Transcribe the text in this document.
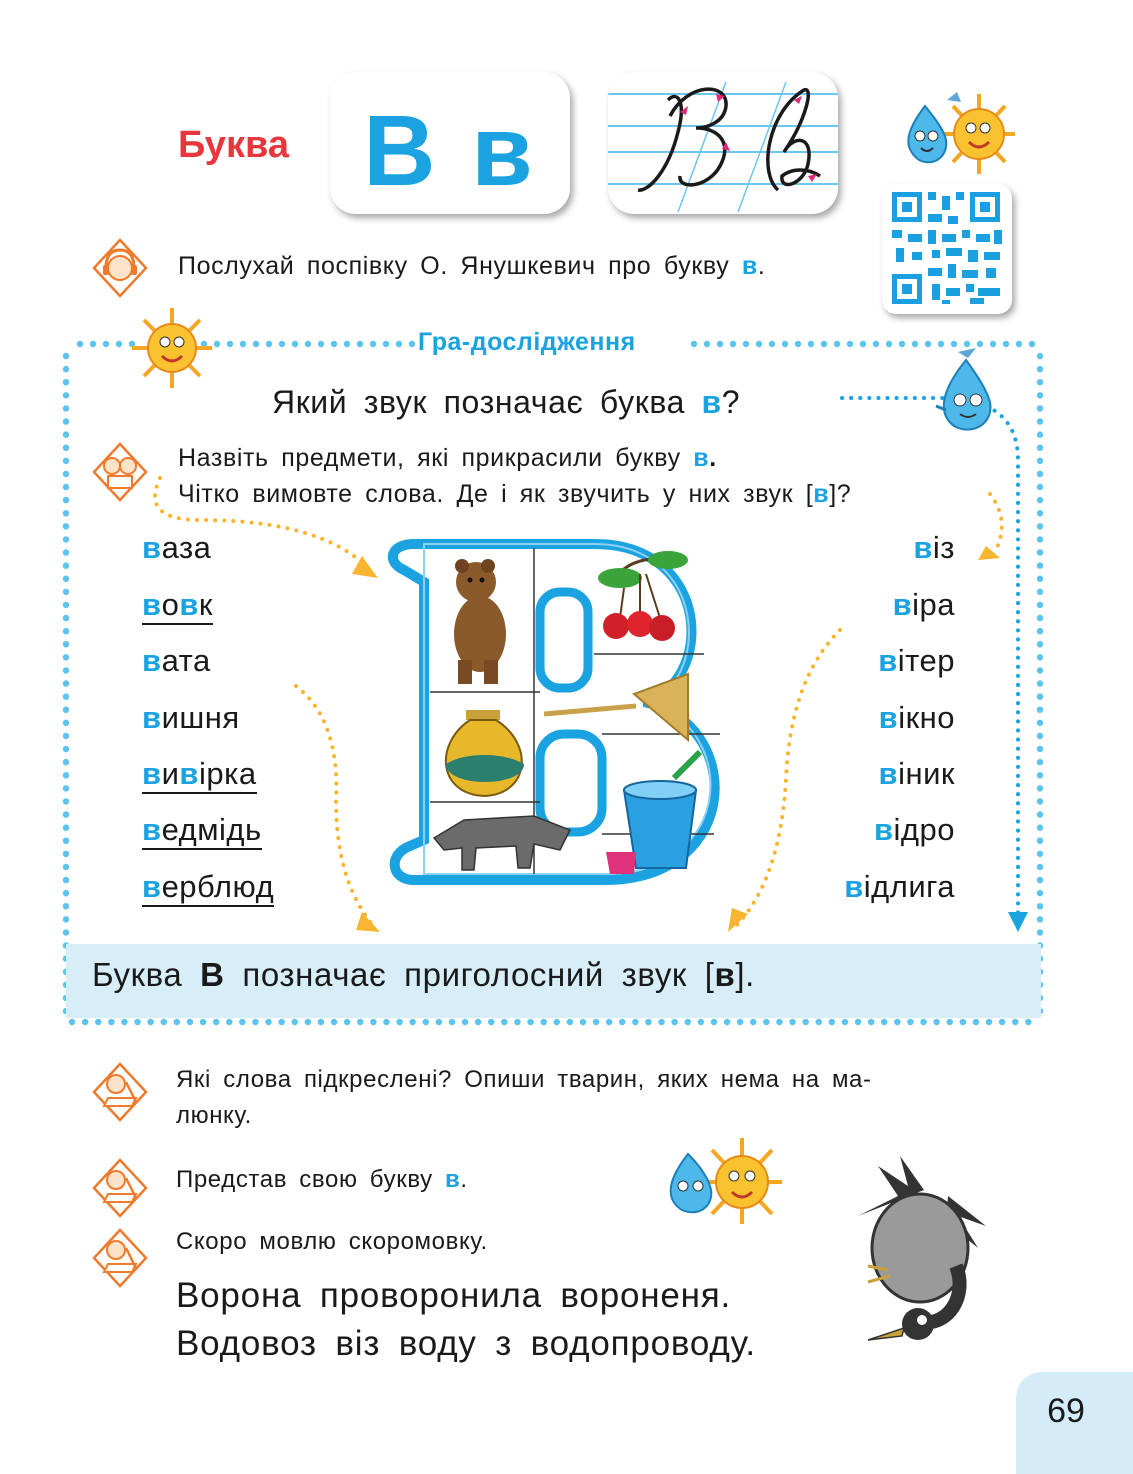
Буква В в
Послухай поспівку О. Янушкевич про букву в.
Гра-дослідження
Який звук позначає буква в?
Назвіть предмети, які прикрасили букву в.
Чітко вимовте слова. Де і як звучить у них звук [в]?
ваза
вовк
вата
вишня
вивірка
ведмідь
верблюд
віз
віра
вітер
вікно
віник
відро
відлига
Буква В позначає приголосний звук [в].
Які слова підкреслені? Опиши тварин, яких нема на ма-
люнку.
Представ свою букву в.
Скоро мовлю скоромовку.
Ворона проворонила вороненя.
Водовоз віз воду з водопроводу.
69
